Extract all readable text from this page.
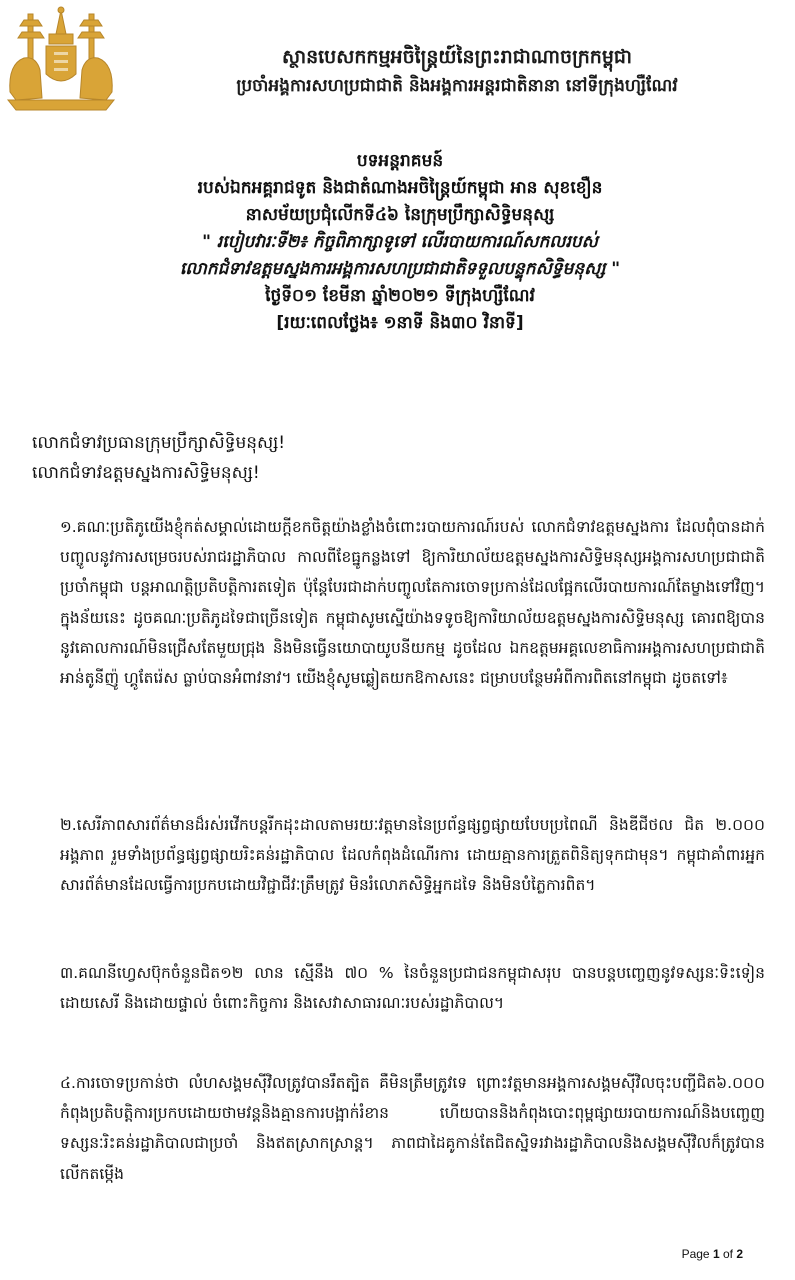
ស្ថានបេសកកម្មអចិន្ត្រៃយ៍នៃព្រះរាជាណាចក្រកម្ពុជា
ប្រចាំអង្គការសហប្រជាជាតិ និងអង្គការអន្តរជាតិនានា នៅទីក្រុងហ្សឺណែវ
បទអន្តរាគមន៍
របស់ឯកអគ្គរាជទូត និងជាតំណាងអចិន្ត្រៃយ៍កម្ពុជា អាន សុខខឿន
នាសម័យប្រជុំលើកទី៤៦ នៃក្រុមប្រឹក្សាសិទ្ធិមនុស្ស
" របៀបវារៈទី២៖ កិច្ចពិភាក្សាទូទៅ លើរបាយការណ៍សកលរបស់
លោកជំទាវឧត្តមស្នងការអង្គការសហប្រជាជាតិទទួលបន្ទុកសិទ្ធិមនុស្ស "
ថ្ងៃទី០១ ខែមីនា ឆ្នាំ២០២១ ទីក្រុងហ្សឺណែវ
[រយៈពេលថ្លែង៖ ១នាទី និង៣០ វិនាទី]
លោកជំទាវប្រធានក្រុមប្រឹក្សាសិទ្ធិមនុស្ស!
លោកជំទាវឧត្តមស្នងការសិទ្ធិមនុស្ស!
១.គណៈប្រតិភូយើងខ្ញុំកត់សម្គាល់ដោយក្តីខកចិត្តយ៉ាងខ្លាំងចំពោះរបាយការណ៍របស់ លោកជំទាវឧត្តមស្នងការ ដែលពុំបានដាក់បញ្ចូលនូវការសម្រេចរបស់រាជរដ្ឋាភិបាល កាលពីខែធ្នូកន្លងទៅ ឱ្យការិយាល័យឧត្តមស្នងការសិទ្ធិមនុស្សអង្គការសហប្រជាជាតិ ប្រចាំកម្ពុជា បន្តអាណត្តិប្រតិបត្តិការតទៀត ប៉ុន្តែបែរជាដាក់បញ្ចូលតែការចោទប្រកាន់ដែលផ្អែកលើរបាយការណ៍តែម្ខាងទៅវិញ។ ក្នុងន័យនេះ ដូចគណៈប្រតិភូដទៃជាច្រើនទៀត កម្ពុជាសូមស្នើយ៉ាងទទូចឱ្យការិយាល័យឧត្តមស្នងការសិទ្ធិមនុស្ស គោរពឱ្យបាននូវគោលការណ៍មិនជ្រើសតែមួយជ្រុង និងមិនធ្វើនយោបាយូបនីយកម្ម ដូចដែល ឯកឧត្តមអគ្គលេខាធិការអង្គការសហប្រជាជាតិ អាន់តូនីញ៉ូ ហ្គូតែរ៉េស ធ្លាប់បានអំពាវនាវ។ យើងខ្ញុំសូមឆ្លៀតយកឱកាសនេះ ជម្រាបបន្ថែមអំពីការពិតនៅកម្ពុជា ដូចតទៅ៖
២.សេរីភាពសារព័ត៌មានដ៏រស់រវើកបន្តរីកដុះដាលតាមរយៈវត្តមាននៃប្រព័ន្ធផ្សព្វផ្សាយបែបប្រពៃណី និងឌីជីថល ជិត ២.០០០ អង្គភាព រួមទាំងប្រព័ន្ធផ្សព្វផ្សាយរិះគន់រដ្ឋាភិបាល ដែលកំពុងដំណើរការ ដោយគ្មានការត្រួតពិនិត្យទុកជាមុន។ កម្ពុជាគាំពារអ្នកសារព័ត៌មានដែលធ្វើការប្រកបដោយវិជ្ជាជីវៈត្រឹមត្រូវ មិនរំលោភសិទ្ធិអ្នកដទៃ និងមិនបំភ្លៃការពិត។
៣.គណនីហ្វេសប៊ុកចំនួនជិត១២ លាន ស្មើនឹង ៧០ % នៃចំនួនប្រជាជនកម្ពុជាសរុប បានបន្តបញ្ចេញនូវទស្សនៈទិះទៀន ដោយសេរី និងដោយផ្ទាល់ ចំពោះកិច្ចការ និងសេវាសាធារណៈរបស់រដ្ឋាភិបាល។
៤.ការចោទប្រកាន់ថា លំហសង្គមស៊ីវិលត្រូវបានរឹតត្បិត គឺមិនត្រឹមត្រូវទេ ព្រោះវត្តមានអង្គការសង្គមស៊ីវិលចុះបញ្ជីជិត៦.០០០ កំពុងប្រតិបត្តិការប្រកបដោយថាមវន្តនិងគ្មានការបង្អាក់រំខាន ហើយបាននិងកំពុងបោះពុម្ពផ្សាយរបាយការណ៍និងបញ្ចេញទស្សនៈរិះគន់រដ្ឋាភិបាលជាប្រចាំ និងឥតស្រាកស្រាន្ត។ ភាពជាដៃគូកាន់តែជិតស្និទរវាងរដ្ឋាភិបាលនិងសង្គមស៊ីវិលក៏ត្រូវបានលើកតម្កើង
Page 1 of 2
